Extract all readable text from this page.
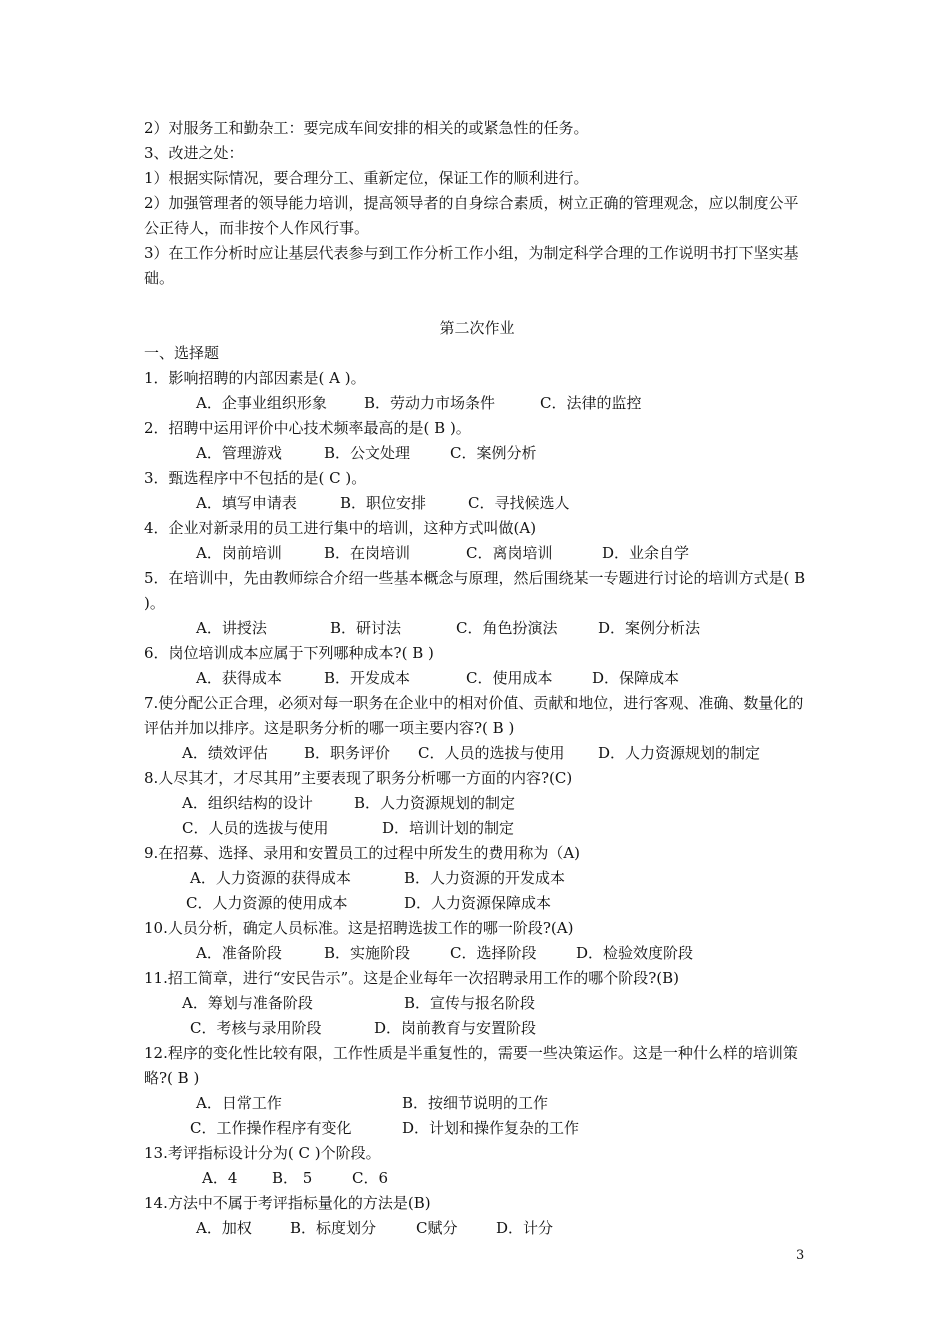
2）对服务工和勤杂工：要完成车间安排的相关的或紧急性的任务。
3、改进之处：
1）根据实际情况，要合理分工、重新定位，保证工作的顺利进行。
2）加强管理者的领导能力培训，提高领导者的自身综合素质，树立正确的管理观念，应以制度公平公正待人，而非按个人作风行事。
3）在工作分析时应让基层代表参与到工作分析工作小组，为制定科学合理的工作说明书打下坚实基础。
第二次作业
一、选择题
1．影响招聘的内部因素是( A )。
A．企事业组织形象 B．劳动力市场条件	C．法律的监控
2．招聘中运用评价中心技术频率最高的是( B )。
A．管理游戏	B．公文处理	C．案例分析
3．甄选程序中不包括的是( C )。
A．填写申请表	B．职位安排	C．寻找候选人
4．企业对新录用的员工进行集中的培训，这种方式叫做(A)
A．岗前培训	B．在岗培训	C．离岗培训	D．业余自学
5．在培训中，先由教师综合介绍一些基本概念与原理，然后围绕某一专题进行讨论的培训方式是( B )。
A．讲授法	B．研讨法	C．角色扮演法	D．案例分析法
6．岗位培训成本应属于下列哪种成本?( B )
A．获得成本	B．开发成本	C．使用成本	D．保障成本
7.使分配公正合理，必须对每一职务在企业中的相对价值、贡献和地位，进行客观、准确、数量化的评估并加以排序。这是职务分析的哪一项主要内容?( B )
A．绩效评估 B．职务评价 C．人员的选拔与使用 D．人力资源规划的制定
8.人尽其才，才尽其用”主要表现了职务分析哪一方面的内容?(C)
A．组织结构的设计	B．人力资源规划的制定
C．人员的选拔与使用	D．培训计划的制定
9.在招募、选择、录用和安置员工的过程中所发生的费用称为（A)
A．人力资源的获得成本	B．人力资源的开发成本
C．人力资源的使用成本	D．人力资源保障成本
10.人员分析，确定人员标准。这是招聘选拔工作的哪一阶段?(A)
A．准备阶段	B．实施阶段	C．选择阶段	D．检验效度阶段
11.招工简章，进行“安民告示”。这是企业每年一次招聘录用工作的哪个阶段?(B)
A．筹划与准备阶段	B．宣传与报名阶段
C．考核与录用阶段	D．岗前教育与安置阶段
12.程序的变化性比较有限，工作性质是半重复性的，需要一些决策运作。这是一种什么样的培训策略?( B )
A．日常工作	B．按细节说明的工作
C．工作操作程序有变化	D．计划和操作复杂的工作
13.考评指标设计分为( C )个阶段。
A．4 B． 5	C．6
14.方法中不属于考评指标量化的方法是(B)
A．加权	B．标度划分	C赋分	D．计分
3
